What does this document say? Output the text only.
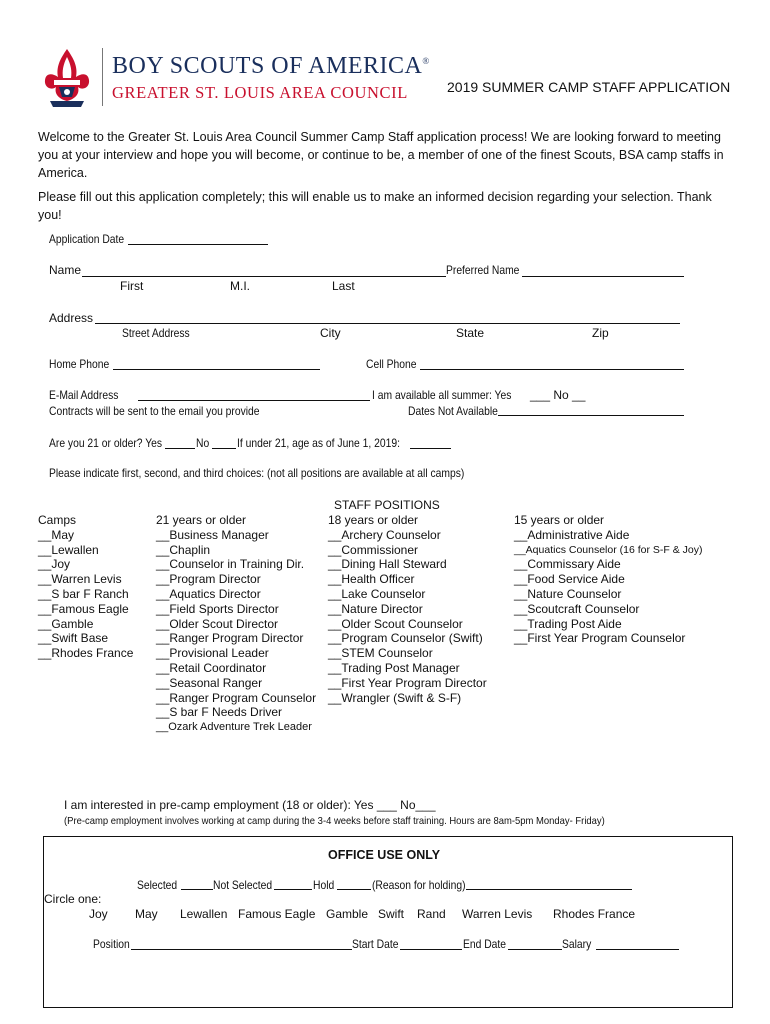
BOY SCOUTS OF AMERICA®
GREATER ST. LOUIS AREA COUNCIL	2019 SUMMER CAMP STAFF APPLICATION
Welcome to the Greater St. Louis Area Council Summer Camp Staff application process! We are looking forward to meeting you at your interview and hope you will become, or continue to be, a member of one of the finest Scouts, BSA camp staffs in America.
Please fill out this application completely; this will enable us to make an informed decision regarding your selection. Thank you!
Application Date
Name	Preferred Name
First	M.I.	Last
Address
Street Address	City	State	Zip
Home Phone	Cell Phone
E-Mail Address	I am available all summer: Yes ___ No __
Contracts will be sent to the email you provide	Dates Not Available
Are you 21 or older? Yes	No If under 21, age as of June 1, 2019:
Please indicate first, second, and third choices: (not all positions are available at all camps)
STAFF POSITIONS
Camps
__May
__Lewallen
__Joy
__Warren Levis
__S bar F Ranch
__Famous Eagle
__Gamble
__Swift Base
__Rhodes France
21 years or older
__Business Manager
__Chaplin
__Counselor in Training Dir.
__Program Director
__Aquatics Director
__Field Sports Director
__Older Scout Director
__Ranger Program Director
__Provisional Leader
__Retail Coordinator
__Seasonal Ranger
__Ranger Program Counselor
__S bar F Needs Driver
__Ozark Adventure Trek Leader
18 years or older
__Archery Counselor
__Commissioner
__Dining Hall Steward
__Health Officer
__Lake Counselor
__Nature Director
__Older Scout Counselor
__Program Counselor (Swift)
__STEM Counselor
__Trading Post Manager
__First Year Program Director
__Wrangler (Swift & S-F)
15 years or older
__Administrative Aide
__Aquatics Counselor (16 for S-F & Joy)
__Commissary Aide
__Food Service Aide
__Nature Counselor
__Scoutcraft Counselor
__Trading Post Aide
__First Year Program Counselor
I am interested in pre-camp employment (18 or older): Yes ___ No___
(Pre-camp employment involves working at camp during the 3-4 weeks before staff training. Hours are 8am-5pm Monday- Friday)
OFFICE USE ONLY
Selected	Not Selected	Hold	(Reason for holding)
Circle one:
Joy May Lewallen Famous Eagle Gamble Swift Rand Warren Levis Rhodes France
Position	Start Date	End Date	Salary
